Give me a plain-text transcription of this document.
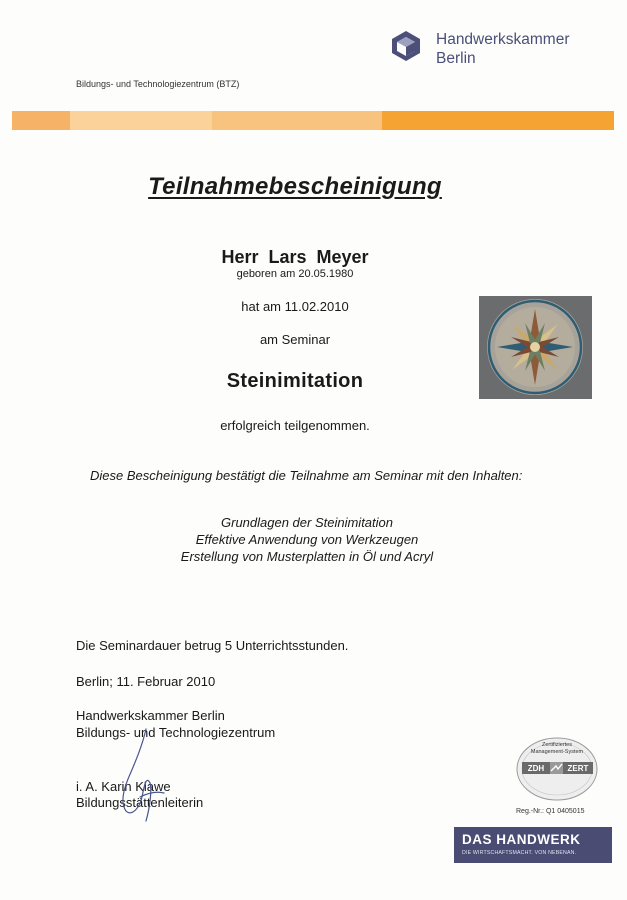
Handwerkskammer
Berlin
Bildungs- und Technologiezentrum (BTZ)
Teilnahmebescheinigung
Herr Lars Meyer
geboren am 20.05.1980
hat am 11.02.2010
am Seminar
Steinimitation
erfolgreich teilgenommen.
Diese Bescheinigung bestätigt die Teilnahme am Seminar mit den Inhalten:
Grundlagen der Steinimitation
Effektive Anwendung von Werkzeugen
Erstellung von Musterplatten in Öl und Acryl
Die Seminardauer betrug 5 Unterrichtsstunden.
Berlin; 11. Februar 2010
Handwerkskammer Berlin
Bildungs- und Technologiezentrum
i. A. Karin Klawe
Bildungsstättenleiterin
Zertifiziertes
Management-System
ZDH	ZERT
Reg.-Nr.: Q1 0405015
DAS HANDWERK
DIE WIRTSCHAFTSMACHT. VON NEBENAN.
